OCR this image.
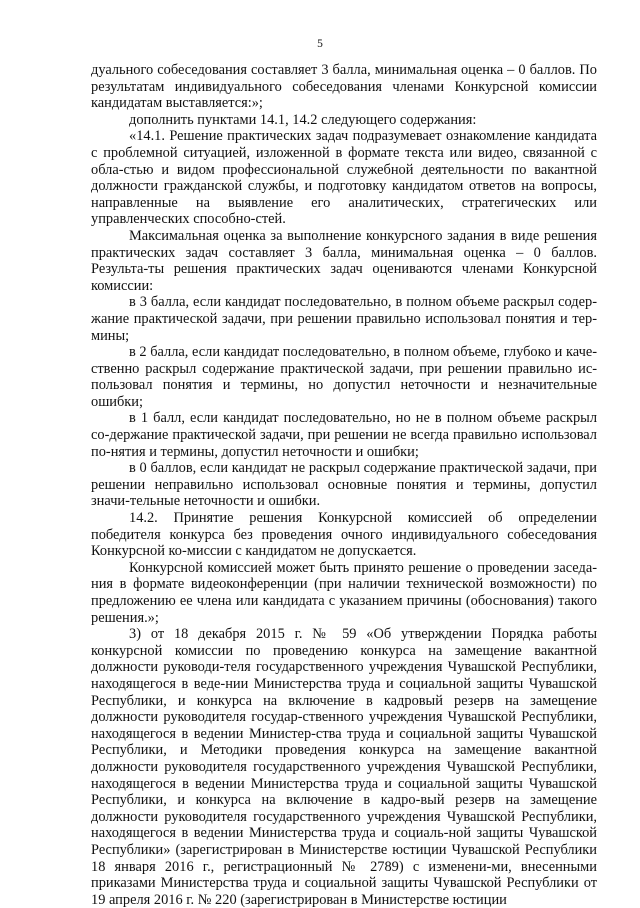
5

дуального собеседования составляет 3 балла, минимальная оценка – 0 баллов. По результатам индивидуального собеседования членами Конкурсной комиссии кандидатам выставляется:»;

дополнить пунктами 14.1, 14.2 следующего содержания:

«14.1. Решение практических задач подразумевает ознакомление кандидата с проблемной ситуацией, изложенной в формате текста или видео, связанной с обла-стью и видом профессиональной служебной деятельности по вакантной должности гражданской службы, и подготовку кандидатом ответов на вопросы, направленные на выявление его аналитических, стратегических или управленческих способно-стей.

Максимальная оценка за выполнение конкурсного задания в виде решения практических задач составляет 3 балла, минимальная оценка – 0 баллов. Результа-ты решения практических задач оцениваются членами Конкурсной комиссии:

в 3 балла, если кандидат последовательно, в полном объеме раскрыл содер-жание практической задачи, при решении правильно использовал понятия и тер-мины;

в 2 балла, если кандидат последовательно, в полном объеме, глубоко и каче-ственно раскрыл содержание практической задачи, при решении правильно ис-пользовал понятия и термины, но допустил неточности и незначительные ошибки;

в 1 балл, если кандидат последовательно, но не в полном объеме раскрыл со-держание практической задачи, при решении не всегда правильно использовал по-нятия и термины, допустил неточности и ошибки;

в 0 баллов, если кандидат не раскрыл содержание практической задачи, при решении неправильно использовал основные понятия и термины, допустил значи-тельные неточности и ошибки.

14.2. Принятие решения Конкурсной комиссией об определении победителя конкурса без проведения очного индивидуального собеседования Конкурсной ко-миссии с кандидатом не допускается.

Конкурсной комиссией может быть принято решение о проведении заседа-ния в формате видеоконференции (при наличии технической возможности) по предложению ее члена или кандидата с указанием причины (обоснования) такого решения.»;

3) от 18 декабря 2015 г. № 59 «Об утверждении Порядка работы конкурсной комиссии по проведению конкурса на замещение вакантной должности руководи-теля государственного учреждения Чувашской Республики, находящегося в веде-нии Министерства труда и социальной защиты Чувашской Республики, и конкурса на включение в кадровый резерв на замещение должности руководителя государ-ственного учреждения Чувашской Республики, находящегося в ведении Министер-ства труда и социальной защиты Чувашской Республики, и Методики проведения конкурса на замещение вакантной должности руководителя государственного учреждения Чувашской Республики, находящегося в ведении Министерства труда и социальной защиты Чувашской Республики, и конкурса на включение в кадро-вый резерв на замещение должности руководителя государственного учреждения Чувашской Республики, находящегося в ведении Министерства труда и социаль-ной защиты Чувашской Республики» (зарегистрирован в Министерстве юстиции Чувашской Республики 18 января 2016 г., регистрационный № 2789) с изменени-ми, внесенными приказами Министерства труда и социальной защиты Чувашской Республики от 19 апреля 2016 г. № 220 (зарегистрирован в Министерстве юстиции
